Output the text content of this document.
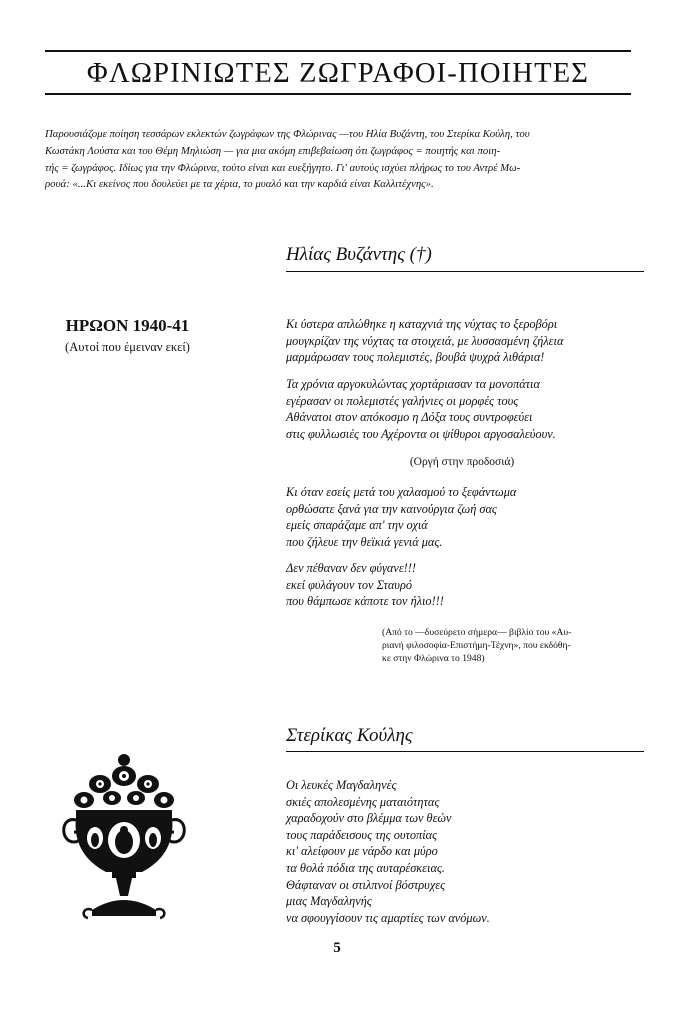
ΦΛΩΡΙΝΙΩΤΕΣ ΖΩΓΡΑΦΟΙ-ΠΟΙΗΤΕΣ
Παρουσιάζομε ποίηση τεσσάρων εκλεκτών ζωγράφων της Φλώρινας —του Ηλία Βυζάντη, του Στερίκα Κούλη, του
Κωστάκη Λούστα και του Θέμη Μηλιώση — για μια ακόμη επιβεβαίωση ότι ζωγράφος = ποιητής και ποιη-
τής = ζωγράφος. Ιδίως για την Φλώρινα, τούτο είναι και ευεξήγητο. Γι' αυτούς ισχύει πλήρως το του Αντρέ Μω-
ρουά: «...Κι εκείνος που δουλεύει με τα χέρια, το μυαλό και την καρδιά είναι Καλλιτέχνης».
Ηλίας Βυζάντης (†)
ΗΡΩΟΝ 1940-41
(Αυτοί που έμειναν εκεί)
Κι ύστερα απλώθηκε η καταχνιά της νύχτας το ξεροβόρι
μουγκρίζαν της νύχτας τα στοιχειά, με λυσσασμένη ζήλεια
μαρμάρωσαν τους πολεμιστές, βουβά ψυχρά λιθάρια!
Τα χρόνια αργοκυλώντας χορτάριασαν τα μονοπάτια
εγέρασαν οι πολεμιστές γαλήνιες οι μορφές τους
Αθάνατοι στον απόκοσμο η Δόξα τους συντροφεύει
στις φυλλωσιές του Αχέροντα οι ψίθυροι αργοσαλεύουν.
(Οργή στην προδοσιά)
Κι όταν εσείς μετά του χαλασμού το ξεφάντωμα
ορθώσατε ξανά για την καινούργια ζωή σας
εμείς σπαράζαμε απ' την οχιά
που ζήλευε την θεϊκιά γενιά μας.
Δεν πέθαναν δεν φύγανε!!!
εκεί φυλάγουν τον Σταυρό
που θάμπωσε κάποτε τον ήλιο!!!
(Από το —δυσεύρετο σήμερα— βιβλίο του «Αυ-
ριανή φιλοσοφία-Επιστήμη-Τέχνη», που εκδόθη-
κε στην Φλώρινα το 1948)
Στερίκας Κούλης
Οι λευκές Μαγδαληνές
σκιές απολεσμένης ματαιότητας
χαραδοχούν στο βλέμμα των θεών
τους παράδεισους της ουτοπίας
κι' αλείφουν με νάρδο και μύρο
τα θολά πόδια της αυταρέσκειας.
Θάφταναν οι στιλπνοί βόστρυχες
μιας Μαγδαληνής
να σφουγγίσουν τις αμαρτίες των ανόμων.
5
